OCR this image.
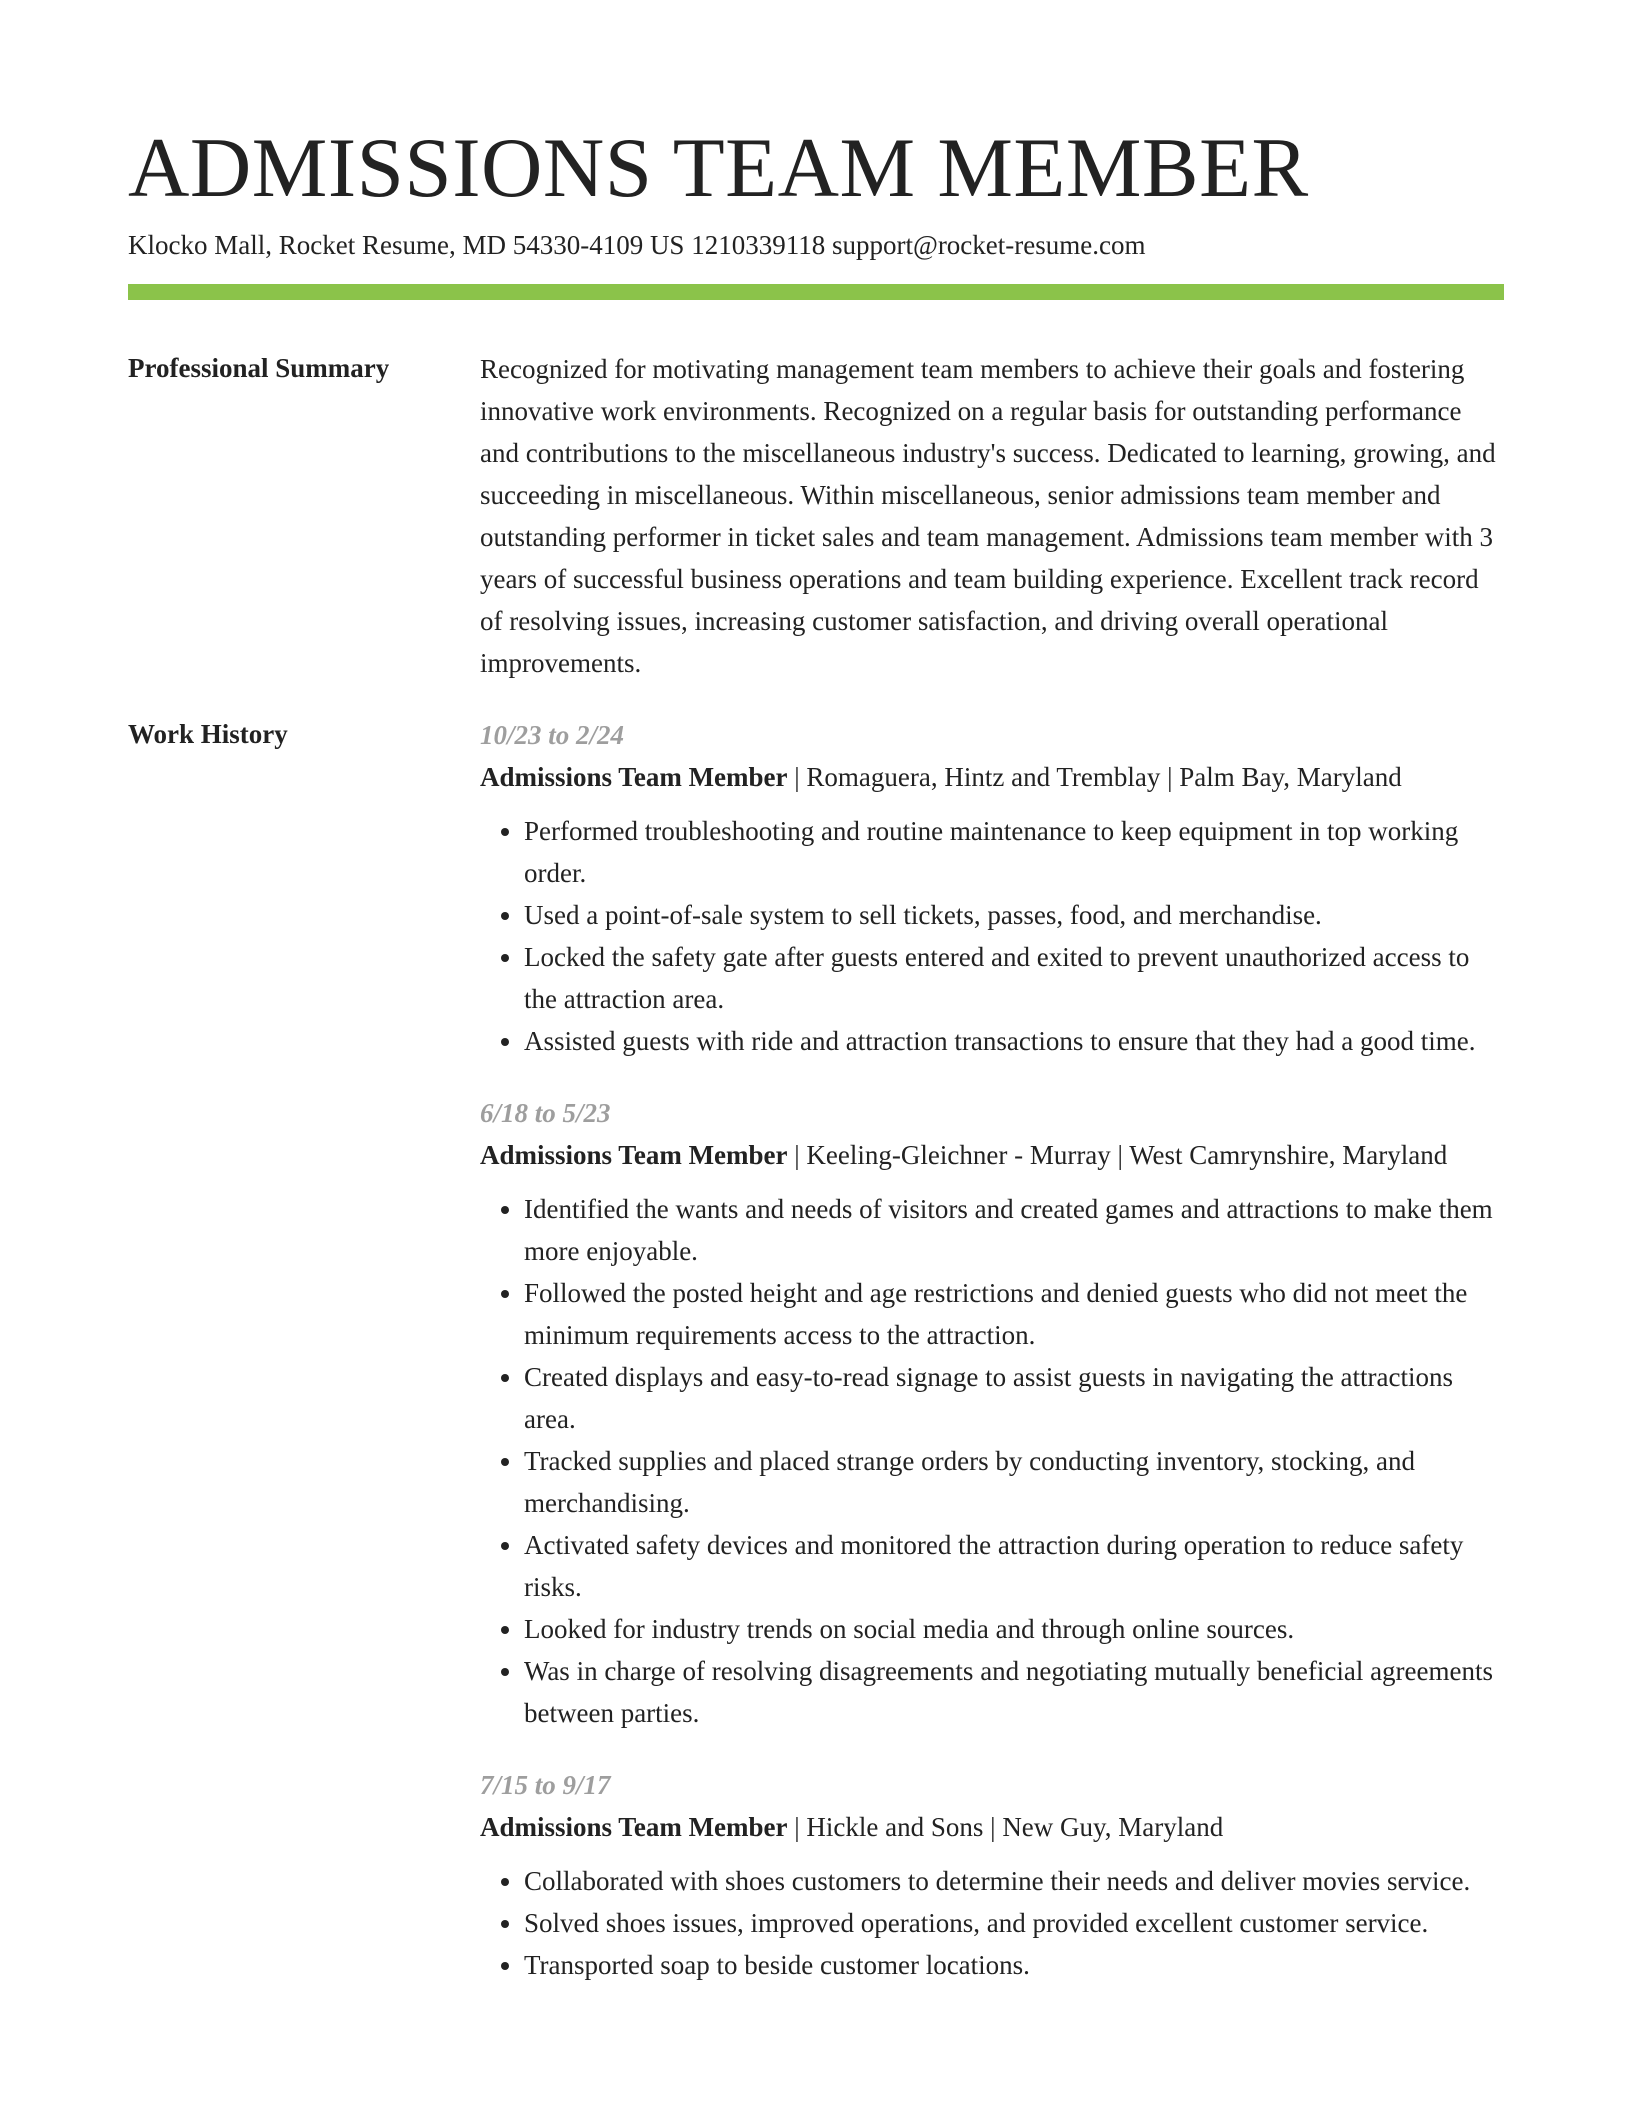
ADMISSIONS TEAM MEMBER
Klocko Mall, Rocket Resume, MD 54330-4109 US 1210339118 support@rocket-resume.com
Professional Summary	Recognized for motivating management team members to achieve their goals and fostering innovative work environments. Recognized on a regular basis for outstanding performance and contributions to the miscellaneous industry's success. Dedicated to learning, growing, and succeeding in miscellaneous. Within miscellaneous, senior admissions team member and outstanding performer in ticket sales and team management. Admissions team member with 3 years of successful business operations and team building experience. Excellent track record of resolving issues, increasing customer satisfaction, and driving overall operational improvements.

Work History	10/23 to 2/24
Admissions Team Member | Romaguera, Hintz and Tremblay | Palm Bay, Maryland
• Performed troubleshooting and routine maintenance to keep equipment in top working order.
• Used a point-of-sale system to sell tickets, passes, food, and merchandise.
• Locked the safety gate after guests entered and exited to prevent unauthorized access to the attraction area.
• Assisted guests with ride and attraction transactions to ensure that they had a good time.
6/18 to 5/23
Admissions Team Member | Keeling-Gleichner - Murray | West Camrynshire, Maryland
• Identified the wants and needs of visitors and created games and attractions to make them more enjoyable.
• Followed the posted height and age restrictions and denied guests who did not meet the minimum requirements access to the attraction.
• Created displays and easy-to-read signage to assist guests in navigating the attractions area.
• Tracked supplies and placed strange orders by conducting inventory, stocking, and merchandising.
• Activated safety devices and monitored the attraction during operation to reduce safety risks.
• Looked for industry trends on social media and through online sources.
• Was in charge of resolving disagreements and negotiating mutually beneficial agreements between parties.
7/15 to 9/17
Admissions Team Member | Hickle and Sons | New Guy, Maryland
• Collaborated with shoes customers to determine their needs and deliver movies service.
• Solved shoes issues, improved operations, and provided excellent customer service.
• Transported soap to beside customer locations.
